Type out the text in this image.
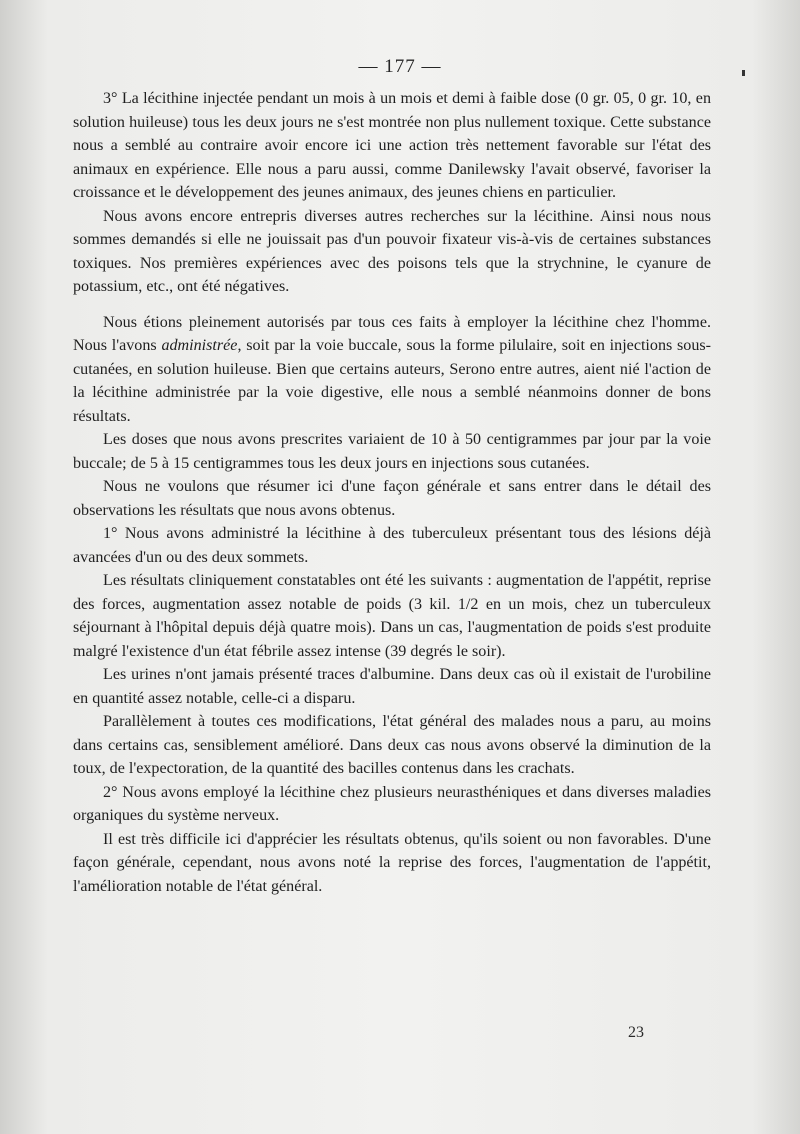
— 177 —

3° La lécithine injectée pendant un mois à un mois et demi à faible dose (0 gr. 05, 0 gr. 10, en solution huileuse) tous les deux jours ne s'est montrée non plus nullement toxique. Cette substance nous a semblé au contraire avoir encore ici une action très nettement favorable sur l'état des animaux en expérience. Elle nous a paru aussi, comme Danilewsky l'avait observé, favoriser la croissance et le développement des jeunes animaux, des jeunes chiens en particulier.

Nous avons encore entrepris diverses autres recherches sur la lécithine. Ainsi nous nous sommes demandés si elle ne jouissait pas d'un pouvoir fixateur vis-à-vis de certaines substances toxiques. Nos premières expériences avec des poisons tels que la strychnine, le cyanure de potassium, etc., ont été négatives.

Nous étions pleinement autorisés par tous ces faits à employer la lécithine chez l'homme. Nous l'avons administrée, soit par la voie buccale, sous la forme pilulaire, soit en injections sous-cutanées, en solution huileuse. Bien que certains auteurs, Serono entre autres, aient nié l'action de la lécithine administrée par la voie digestive, elle nous a semblé néanmoins donner de bons résultats.

Les doses que nous avons prescrites variaient de 10 à 50 centigrammes par jour par la voie buccale; de 5 à 15 centigrammes tous les deux jours en injections sous cutanées.

Nous ne voulons que résumer ici d'une façon générale et sans entrer dans le détail des observations les résultats que nous avons obtenus.

1° Nous avons administré la lécithine à des tuberculeux présentant tous des lésions déjà avancées d'un ou des deux sommets.

Les résultats cliniquement constatables ont été les suivants : augmentation de l'appétit, reprise des forces, augmentation assez notable de poids (3 kil. 1/2 en un mois, chez un tuberculeux séjournant à l'hôpital depuis déjà quatre mois). Dans un cas, l'augmentation de poids s'est produite malgré l'existence d'un état fébrile assez intense (39 degrés le soir).

Les urines n'ont jamais présenté traces d'albumine. Dans deux cas où il existait de l'urobiline en quantité assez notable, celle-ci a disparu.

Parallèlement à toutes ces modifications, l'état général des malades nous a paru, au moins dans certains cas, sensiblement amélioré. Dans deux cas nous avons observé la diminution de la toux, de l'expectoration, de la quantité des bacilles contenus dans les crachats.

2° Nous avons employé la lécithine chez plusieurs neurasthéniques et dans diverses maladies organiques du système nerveux.

Il est très difficile ici d'apprécier les résultats obtenus, qu'ils soient ou non favorables. D'une façon générale, cependant, nous avons noté la reprise des forces, l'augmentation de l'appétit, l'amélioration notable de l'état général.

23
